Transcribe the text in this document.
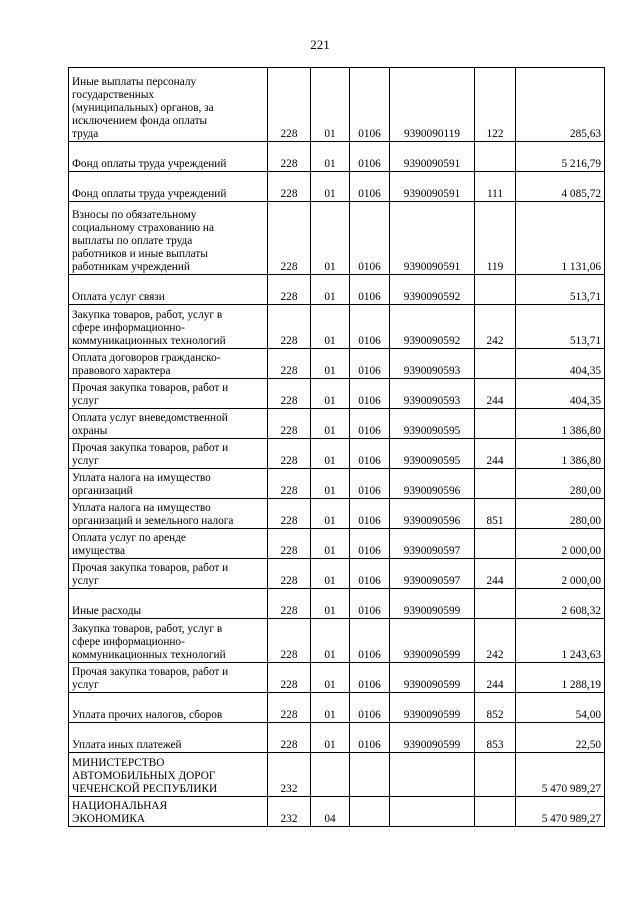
221
Иные выплаты персоналу
государственных
(муниципальных) органов, за
исключением фонда оплаты
труда	228	01	0106	9390090119	122	285,63

Фонд оплаты труда учреждений	228	01	0106	9390090591		5 216,79

Фонд оплаты труда учреждений	228	01	0106	9390090591	111	4 085,72
Взносы по обязательному
социальному страхованию на
выплаты по оплате труда
работников и иные выплаты
работникам учреждений	228	01	0106	9390090591	119	1 131,06

Оплата услуг связи	228	01	0106	9390090592		513,71
Закупка товаров, работ, услуг в
сфере информационно-
коммуникационных технологий	228	01	0106	9390090592	242	513,71
Оплата договоров гражданско-
правового характера	228	01	0106	9390090593		404,35
Прочая закупка товаров, работ и
услуг	228	01	0106	9390090593	244	404,35
Оплата услуг вневедомственной
охраны	228	01	0106	9390090595		1 386,80
Прочая закупка товаров, работ и
услуг	228	01	0106	9390090595	244	1 386,80
Уплата налога на имущество
организаций	228	01	0106	9390090596		280,00
Уплата налога на имущество
организаций и земельного налога	228	01	0106	9390090596	851	280,00
Оплата услуг по аренде
имущества	228	01	0106	9390090597		2 000,00
Прочая закупка товаров, работ и
услуг	228	01	0106	9390090597	244	2 000,00

Иные расходы	228	01	0106	9390090599		2 608,32
Закупка товаров, работ, услуг в
сфере информационно-
коммуникационных технологий	228	01	0106	9390090599	242	1 243,63
Прочая закупка товаров, работ и
услуг	228	01	0106	9390090599	244	1 288,19

Уплата прочих налогов, сборов	228	01	0106	9390090599	852	54,00

Уплата иных платежей	228	01	0106	9390090599	853	22,50
МИНИСТЕРСТВО
АВТОМОБИЛЬНЫХ ДОРОГ
ЧЕЧЕНСКОЙ РЕСПУБЛИКИ	232					5 470 989,27
НАЦИОНАЛЬНАЯ
ЭКОНОМИКА	232	04				5 470 989,27
